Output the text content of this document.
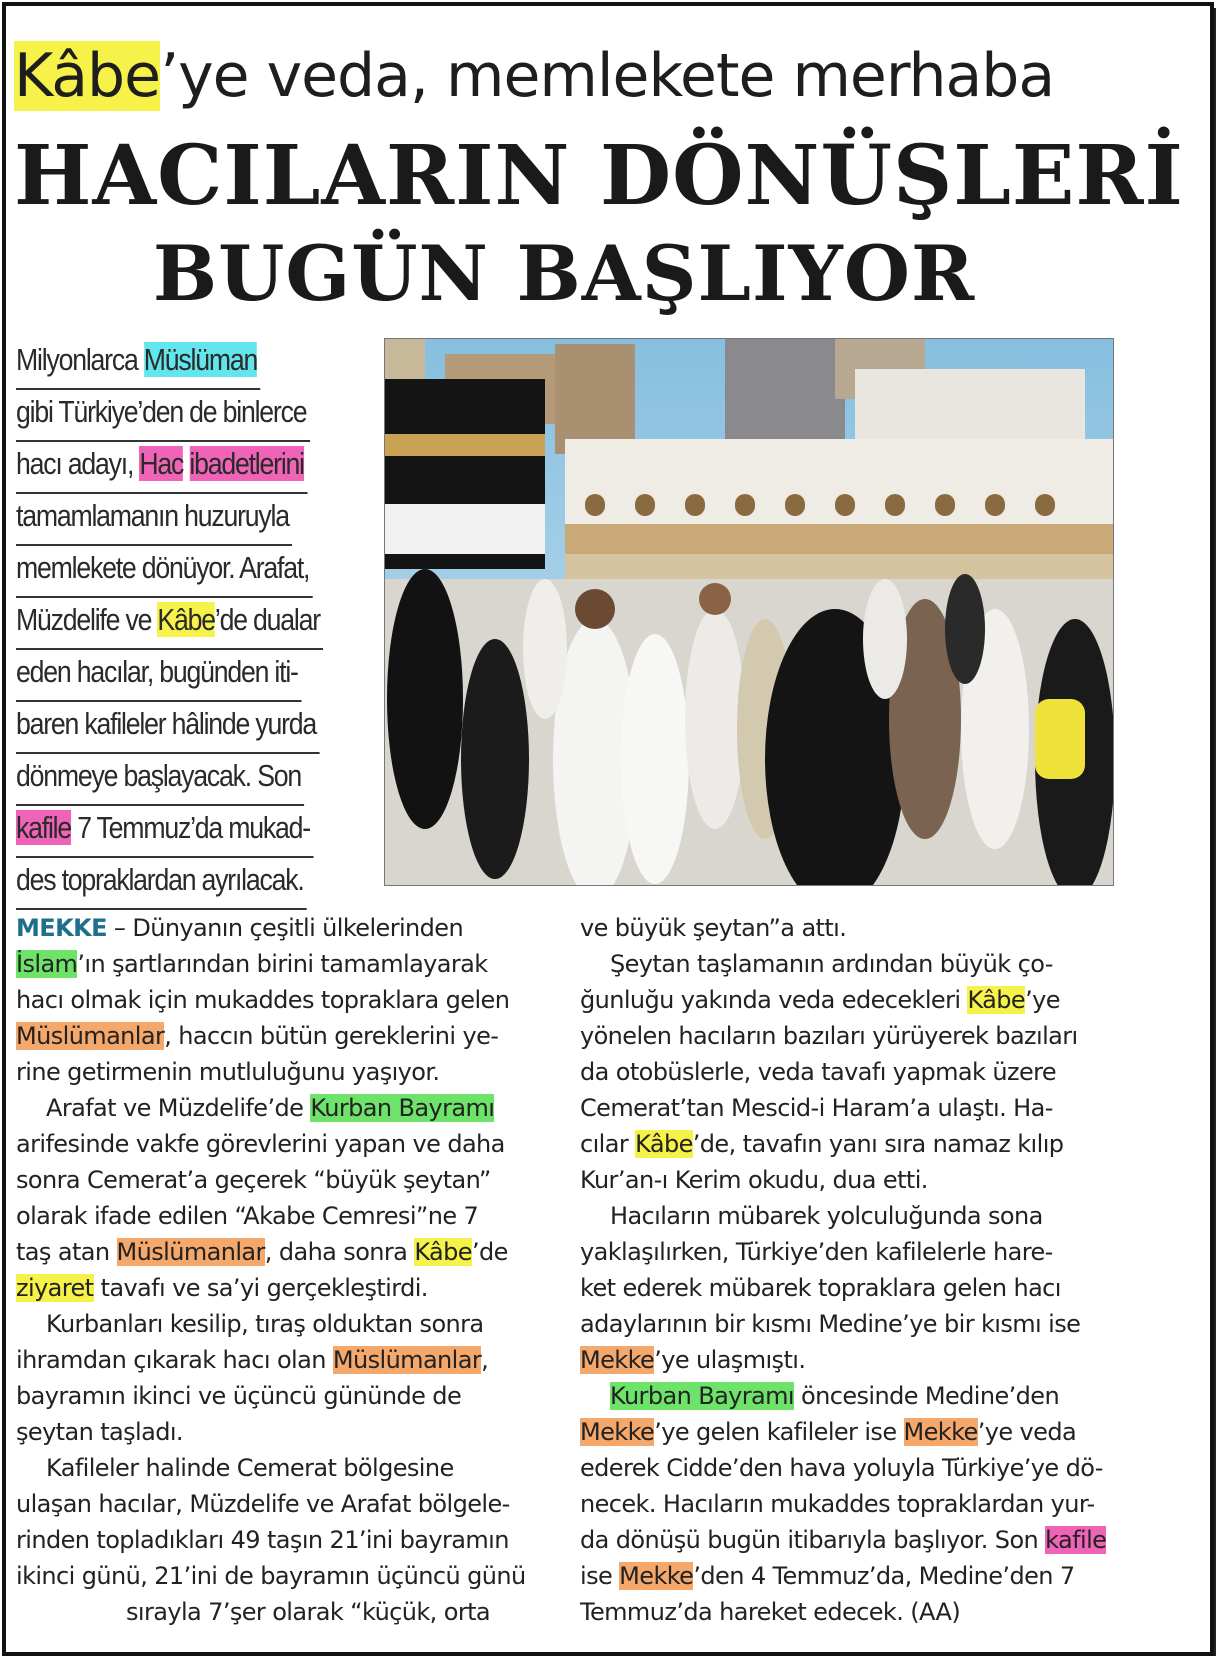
Kâbe’ye veda, memlekete merhaba
HACILARIN DÖNÜŞLERİ
BUGÜN BAŞLIYOR
Milyonlarca Müslüman
gibi Türkiye’den de binlerce
hacı adayı, Hac ibadetlerini
tamamlamanın huzuruyla
memlekete dönüyor. Arafat,
Müzdelife ve Kâbe’de dualar
eden hacılar, bugünden iti-
baren kafileler hâlinde yurda
dönmeye başlayacak. Son
kafile 7 Temmuz’da mukad-
des topraklardan ayrılacak.
MEKKE – Dünyanın çeşitli ülkelerinden
İslam’ın şartlarından birini tamamlayarak
hacı olmak için mukaddes topraklara gelen
Müslümanlar, haccın bütün gereklerini ye-
rine getirmenin mutluluğunu yaşıyor.
Arafat ve Müzdelife’de Kurban Bayramı
arifesinde vakfe görevlerini yapan ve daha
sonra Cemerat’a geçerek “büyük şeytan”
olarak ifade edilen “Akabe Cemresi”ne 7
taş atan Müslümanlar, daha sonra Kâbe’de
ziyaret tavafı ve sa’yi gerçekleştirdi.
Kurbanları kesilip, tıraş olduktan sonra
ihramdan çıkarak hacı olan Müslümanlar,
bayramın ikinci ve üçüncü gününde de
şeytan taşladı.
Kafileler halinde Cemerat bölgesine
ulaşan hacılar, Müzdelife ve Arafat bölgele-
rinden topladıkları 49 taşın 21’ini bayramın
ikinci günü, 21’ini de bayramın üçüncü günü
sırayla 7’şer olarak “küçük, orta
ve büyük şeytan”a attı.
Şeytan taşlamanın ardından büyük ço-
ğunluğu yakında veda edecekleri Kâbe’ye
yönelen hacıların bazıları yürüyerek bazıları
da otobüslerle, veda tavafı yapmak üzere
Cemerat’tan Mescid-i Haram’a ulaştı. Ha-
cılar Kâbe’de, tavafın yanı sıra namaz kılıp
Kur’an-ı Kerim okudu, dua etti.
Hacıların mübarek yolculuğunda sona
yaklaşılırken, Türkiye’den kafilelerle hare-
ket ederek mübarek topraklara gelen hacı
adaylarının bir kısmı Medine’ye bir kısmı ise
Mekke’ye ulaşmıştı.
Kurban Bayramı öncesinde Medine’den
Mekke’ye gelen kafileler ise Mekke’ye veda
ederek Cidde’den hava yoluyla Türkiye’ye dö-
necek. Hacıların mukaddes topraklardan yur-
da dönüşü bugün itibarıyla başlıyor. Son kafile
ise Mekke’den 4 Temmuz’da, Medine’den 7
Temmuz’da hareket edecek. (AA)
